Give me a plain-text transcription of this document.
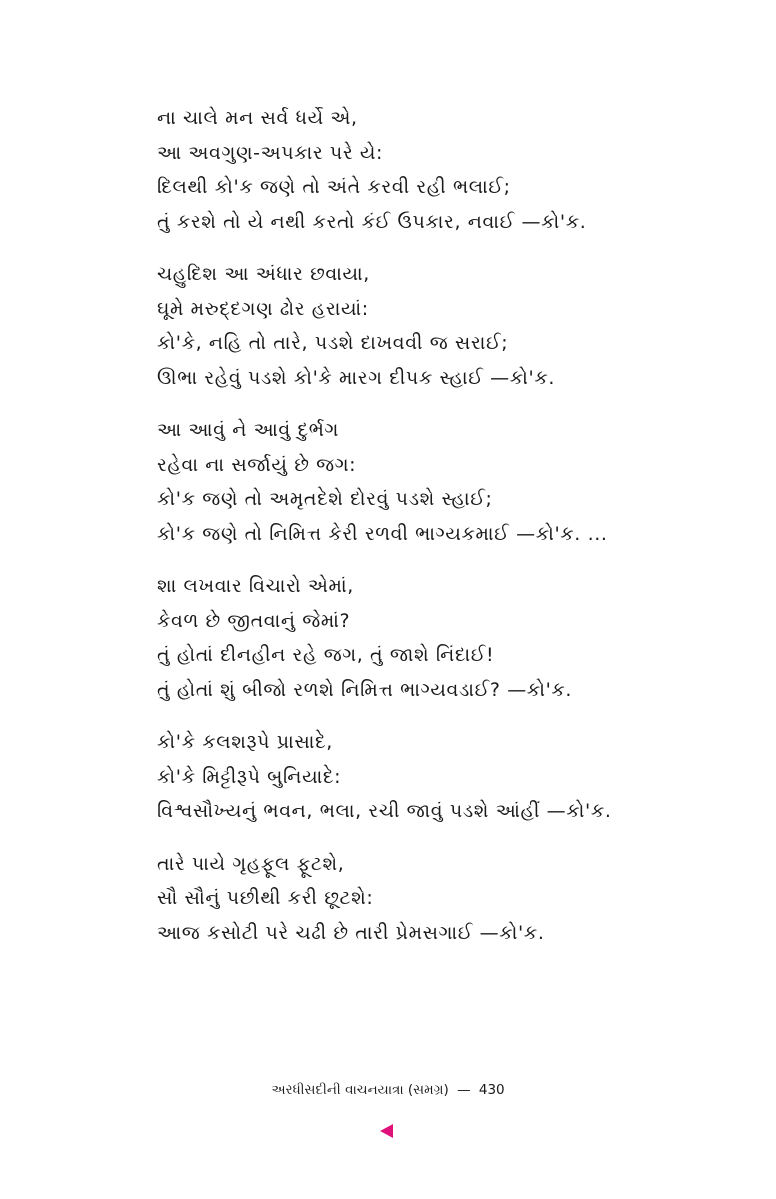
ના ચાલે મન સર્વ ધર્યે એ,
આ અવગુણ-અપકાર પરે યે:
દિલથી કો'ક જણે તો અંતે કરવી રહી ભલાઈ;
તું કરશે તો યે નથી કરતો કંઈ ઉપકાર, નવાઈ —કો'ક.
ચહુદિશ આ અંધાર છવાયા,
ઘૂમે મરુદ્દગણ ઢોર હરાયાં:
કો'કે, નહિ તો તારે, પડશે દાખવવી જ સરાઈ;
ઊભા રહેવું પડશે કો'કે મારગ દીપક સ્હાઈ —કો'ક.
આ આવું ને આવું દુર્ભગ
રહેવા ના સર્જાયું છે જગ:
કો'ક જણે તો અમૃતદેશે દોરવું પડશે સ્હાઈ;
કો'ક જણે તો નિમિત્ત કેરી રળવી ભાગ્યકમાઈ —કો'ક. ...
શા લખવાર વિચારો એમાં,
કેવળ છે જીતવાનું જેમાં?
તું હોતાં દીનહીન રહે જગ, તું જાશે નિંદાઈ!
તું હોતાં શું બીજો રળશે નિમિત્ત ભાગ્યવડાઈ? —કો'ક.
કો'કે કલશરૂપે પ્રાસાદે,
કો'કે મિટ્ટીરૂપે બુનિયાદે:
વિશ્વસૌખ્યનું ભવન, ભલા, રચી જાવું પડશે આંહીં —કો'ક.
તારે પાયે ગૃહફૂલ ફૂટશે,
સૌ સૌનું પછીથી કરી છૂટશે:
આજ કસોટી પરે ચઢી છે તારી પ્રેમસગાઈ —કો'ક.
અરધીસદીની વાચનયાત્રા (સમગ્ર) — 430
